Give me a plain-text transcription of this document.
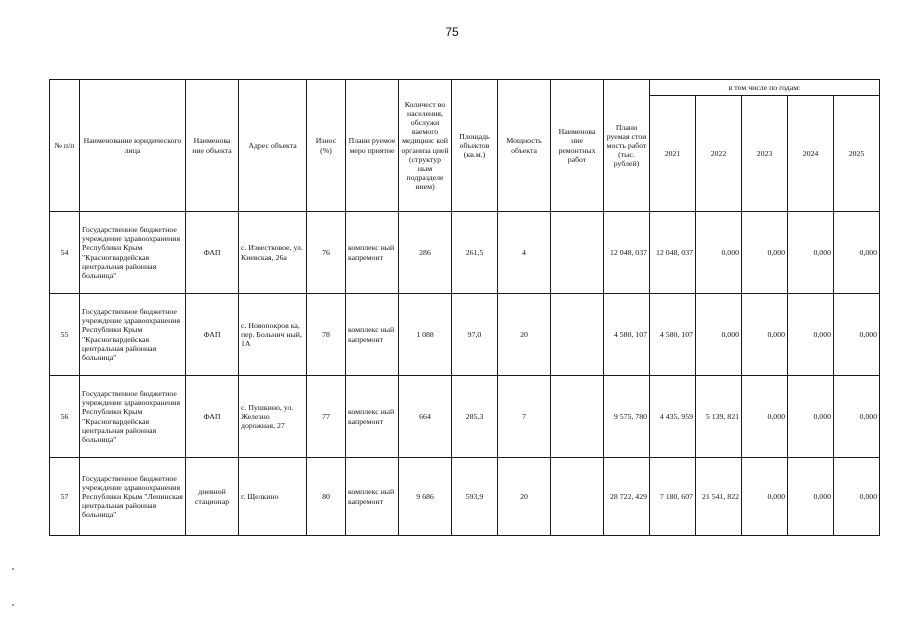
75
№ п/п	Наименование юридического лица	Наименова ние объекта	Адрес объекта	Износ (%)	Плани руемое меро приятие	Количест во населения, обслужи ваемого медицинс кой организа цией (структур ным подразделе нием)	Площадь объектов (кв.м.)	Мощность объекта	Наименова ние ремонтных работ	Плани руемая стои мость работ (тыс. рублей)	в том числе по годам:				
											2021	2022	2023	2024	2025
54	Государственное бюджетное учреждение здравоохранения Республики Крым "Красногвардейская центральная районная больница"	ФАП	с. Известковое, ул. Киевская, 26а	76	комплекс ный капремонт	286	261,5	4		12 048, 037	12 048, 037	0,000	0,000	0,000	0,000
55	Государственное бюджетное учреждение здравоохранения Республики Крым "Красногвардейская центральная районная больница"	ФАП	с. Новопокров ка, пер. Больнич ный, 1А	78	комплекс ный капремонт	1 088	97,0	20		4 580, 107	4 580, 107	0,000	0,000	0,000	0,000
56	Государственное бюджетное учреждение здравоохранения Республики Крым "Красногвардейская центральная районная больница"	ФАП	с. Пушкино, ул. Железно дорожная, 27	77	комплекс ный капремонт	664	285,3	7		9 575, 780	4 435, 959	5 139, 821	0,000	0,000	0,000
57	Государственное бюджетное учреждение здравоохранения Республики Крым "Ленинская центральная районная больница"	дневной стационар	г. Щелкино	80	комплекс ный капремонт	9 686	593,9	20		28 722, 429	7 180, 607	21 541, 822	0,000	0,000	0,000
